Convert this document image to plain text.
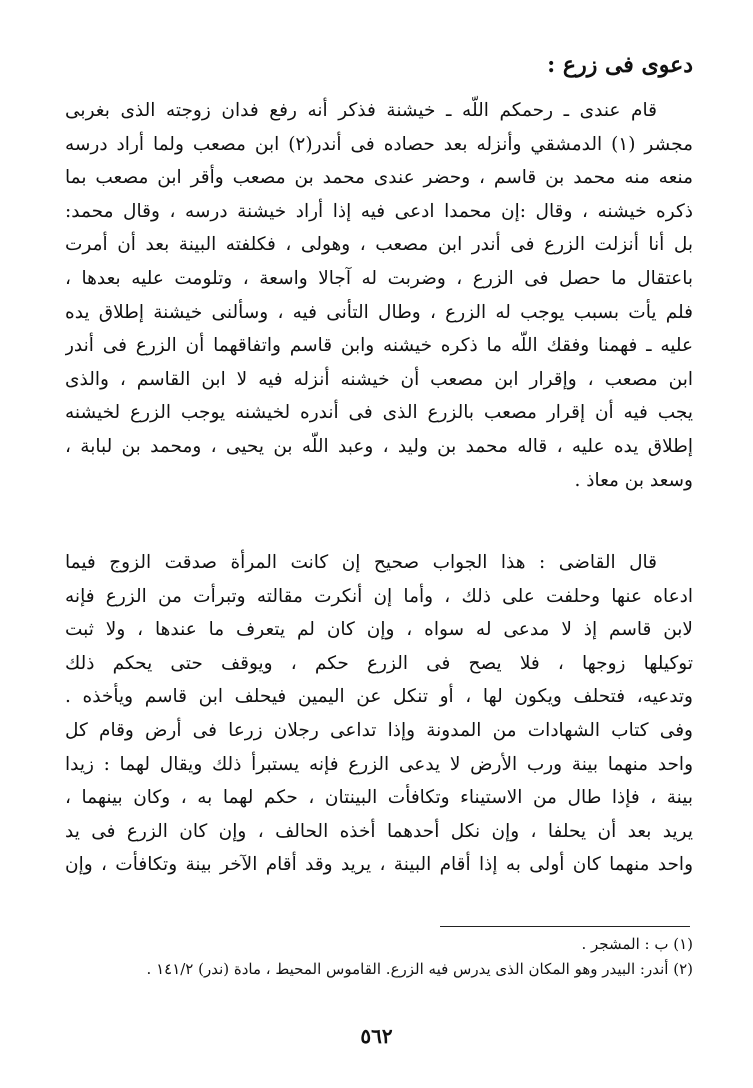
دعوى فى زرع :
قام عندى ـ رحمكم اللّه ـ خيشنة فذكر أنه رفع فدان زوجته الذى بغربى
مجشر (١) الدمشقي وأنزله بعد حصاده فى أندر(٢) ابن مصعب ولما أراد درسه
منعه منه محمد بن قاسم ، وحضر عندى محمد بن مصعب وأقر ابن مصعب بما
ذكره خيشنه ، وقال :إن محمدا ادعى فيه إذا أراد خيشنة درسه ، وقال محمد:
بل أنا أنزلت الزرع فى أندر ابن مصعب ، وهولى ، فكلفته البينة بعد أن أمرت
باعتقال ما حصل فى الزرع ، وضربت له آجالا واسعة ، وتلومت عليه بعدها ،
فلم يأت بسبب يوجب له الزرع ، وطال التأنى فيه ، وسألنى خيشنة إطلاق يده
عليه ـ فهمنا وفقك اللّه ما ذكره خيشنه وابن قاسم واتفاقهما أن الزرع فى أندر
ابن مصعب ، وإقرار ابن مصعب أن خيشنه أنزله فيه لا ابن القاسم ، والذى
يجب فيه أن إقرار مصعب بالزرع الذى فى أندره لخيشنه يوجب الزرع لخيشنه
إطلاق يده عليه ، قاله محمد بن وليد ، وعبد اللّه بن يحيى ، ومحمد بن لبابة ،
وسعد بن معاذ .
قال القاضى : هذا الجواب صحيح إن كانت المرأة صدقت الزوج فيما
ادعاه عنها وحلفت على ذلك ، وأما إن أنكرت مقالته وتبرأت من الزرع فإنه
لابن قاسم إذ لا مدعى له سواه ، وإن كان لم يتعرف ما عندها ، ولا ثبت
توكيلها زوجها ، فلا يصح فى الزرع حكم ، ويوقف حتى يحكم ذلك
وتدعيه، فتحلف ويكون لها ، أو تنكل عن اليمين فيحلف ابن قاسم ويأخذه .
وفى كتاب الشهادات من المدونة وإذا تداعى رجلان زرعا فى أرض وقام كل
واحد منهما بينة ورب الأرض لا يدعى الزرع فإنه يستبرأ ذلك ويقال لهما : زيدا
بينة ، فإذا طال من الاستيناء وتكافأت البينتان ، حكم لهما به ، وكان بينهما ،
يريد بعد أن يحلفا ، وإن نكل أحدهما أخذه الحالف ، وإن كان الزرع فى يد
واحد منهما كان أولى به إذا أقام البينة ، يريد وقد أقام الآخر بينة وتكافأت ، وإن
(١) ب : المشجر .
(٢) أندر: البيدر وهو المكان الذى يدرس فيه الزرع. القاموس المحيط ، مادة (ندر) ١٤١/٢ .
٥٦٢
